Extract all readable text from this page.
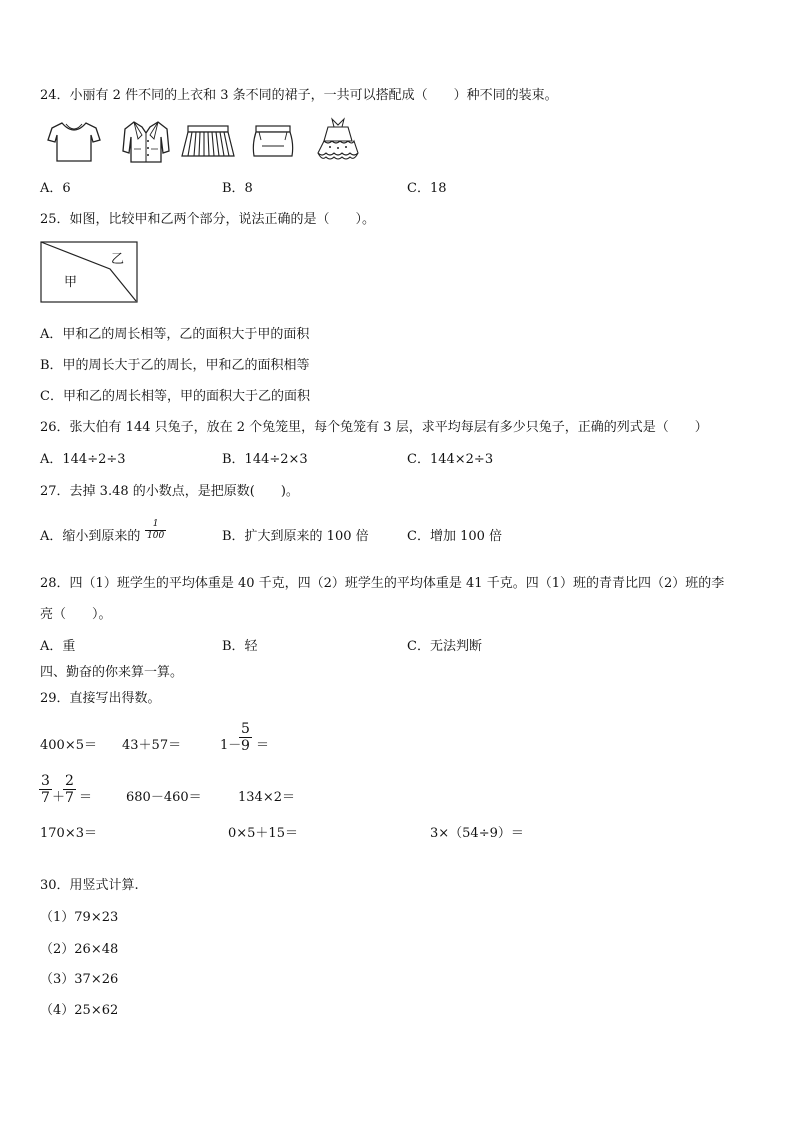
24．小丽有 2 件不同的上衣和 3 条不同的裙子，一共可以搭配成（　　）种不同的装束。
A．6	B．8	C．18
25．如图，比较甲和乙两个部分，说法正确的是（　　）。
甲
乙
A．甲和乙的周长相等，乙的面积大于甲的面积
B．甲的周长大于乙的周长，甲和乙的面积相等
C．甲和乙的周长相等，甲的面积大于乙的面积
26．张大伯有 144 只兔子，放在 2 个兔笼里，每个兔笼有 3 层，求平均每层有多少只兔子，正确的列式是（　　）
A．144÷2÷3	B．144÷2×3	C．144×2÷3
27．去掉 3.48 的小数点，是把原数(　　)。
A．缩小到原来的
1
100	B．扩大到原来的 100 倍	C．增加 100 倍
28．四（1）班学生的平均体重是 40 千克，四（2）班学生的平均体重是 41 千克。四（1）班的青青比四（2）班的李
亮（　　）。
A．重	B．轻	C．无法判断
四、勤奋的你来算一算。
29．直接写出得数。
400×5＝ 43＋57＝	1－
5
9 ＝
3
7 ＋
2
7 ＝	680－460＝	134×2＝
170×3＝	0×5＋15＝	3×（54÷9）＝
30．用竖式计算.
（1）79×23
（2）26×48
（3）37×26
（4）25×62
